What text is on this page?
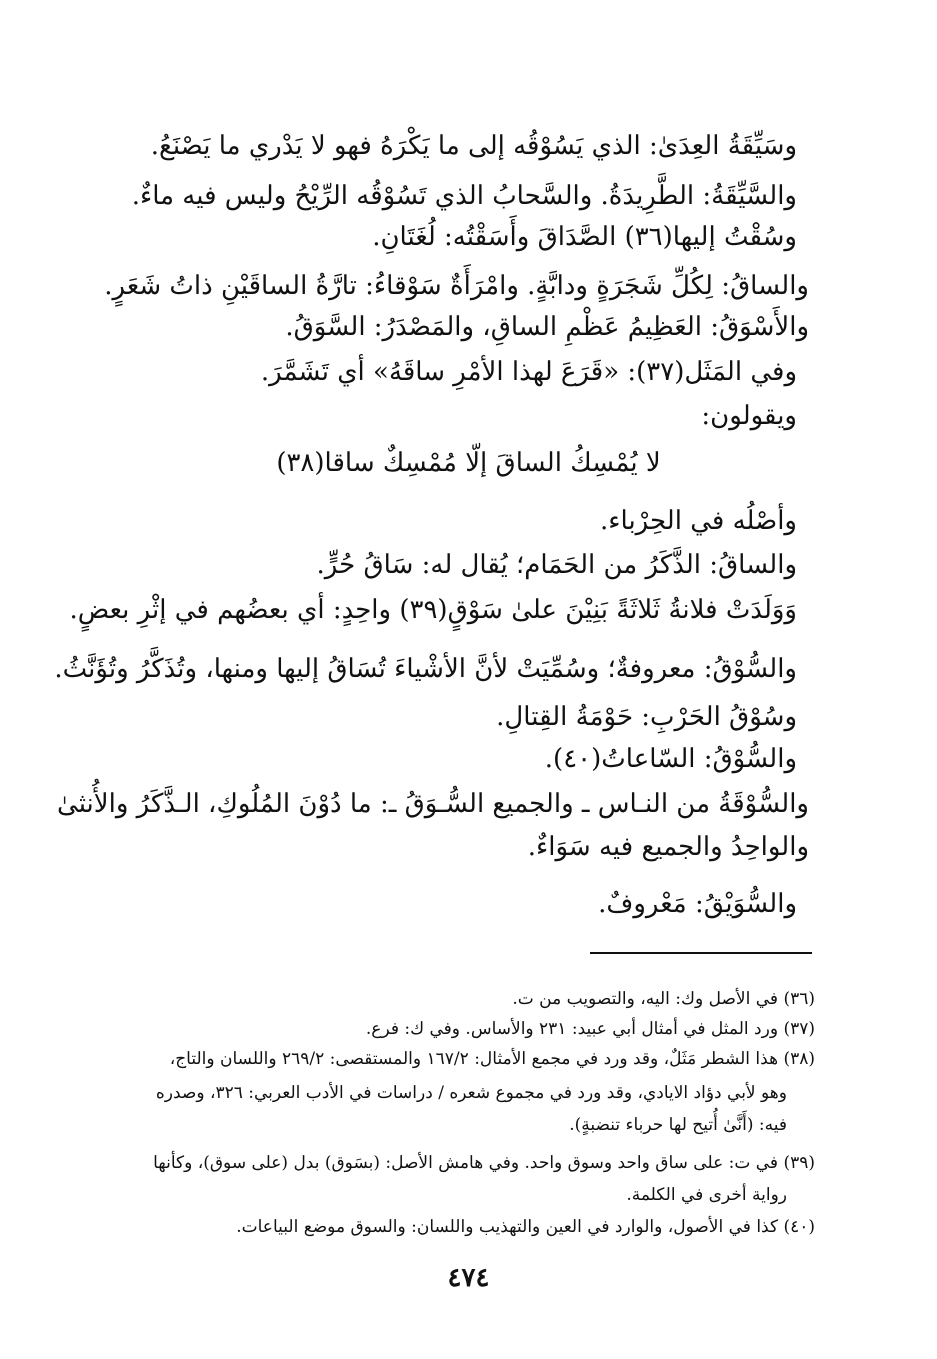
وسَيِّقَةُ العِدَىٰ: الذي يَسُوْقُه إلى ما يَكْرَهُ فهو لا يَدْري ما يَصْنَعُ.
والسَّيِّقَةُ: الطَّرِيدَةُ. والسَّحابُ الذي تَسُوْقُه الرِّيْحُ وليس فيه ماءٌ.
وسُقْتُ إليها(٣٦) الصَّدَاقَ وأَسَقْتُه: لُغَتَانِ.
والساقُ: لِكُلِّ شَجَرَةٍ ودابَّةٍ. وامْرَأَةٌ سَوْقاءُ: تارَّةُ الساقَيْنِ ذاتُ شَعَرٍ.
والأَسْوَقُ: العَظِيمُ عَظْمِ الساقِ، والمَصْدَرُ: السَّوَقُ.
وفي المَثَل(٣٧): «قَرَعَ لهذا الأمْرِ ساقَهُ» أي تَشَمَّرَ.
ويقولون:
لا يُمْسِكُ الساقَ إلّا مُمْسِكٌ ساقا(٣٨)
وأصْلُه في الحِرْباء.
والساقُ: الذَّكَرُ من الحَمَام؛ يُقال له: سَاقُ حُرٍّ.
وَوَلَدَتْ فلانةُ ثَلاثَةً بَنِيْنَ علىٰ سَوْقٍ(٣٩) واحِدٍ: أي بعضُهم في إثْرِ بعضٍ.
والسُّوْقُ: معروفةٌ؛ وسُمِّيَتْ لأنَّ الأشْياءَ تُسَاقُ إليها ومنها، وتُذَكَّرُ وتُؤَنَّثُ.
وسُوْقُ الحَرْبِ: حَوْمَةُ القِتالِ.
والسُّوْقُ: السّاعاتُ(٤٠).
والسُّوْقَةُ من النـاس ـ والجميع السُّـوَقُ ـ: ما دُوْنَ المُلُوكِ، الـذَّكَرُ والأُنثىٰ
والواحِدُ والجميع فيه سَوَاءٌ.
والسُّوَيْقُ: مَعْروفٌ.
(٣٦) في الأصل وك: اليه، والتصويب من ت.
(٣٧) ورد المثل في أمثال أبي عبيد: ٢٣١ والأساس. وفي ك: فرع.
(٣٨) هذا الشطر مَثَلٌ، وقد ورد في مجمع الأمثال: ١٦٧/٢ والمستقصى: ٢٦٩/٢ واللسان والتاج،
وهو لأبي دؤاد الايادي، وقد ورد في مجموع شعره / دراسات في الأدب العربي: ٣٢٦، وصدره
فيه: (أَنَّىٰ أُتيح لها حرباء تنضبةٍ).
(٣٩) في ت: على ساق واحد وسوق واحد. وفي هامش الأصل: (بسَوق) بدل (على سوق)، وكأنها
رواية أخرى في الكلمة.
(٤٠) كذا في الأصول، والوارد في العين والتهذيب واللسان: والسوق موضع البياعات.
٤٧٤
